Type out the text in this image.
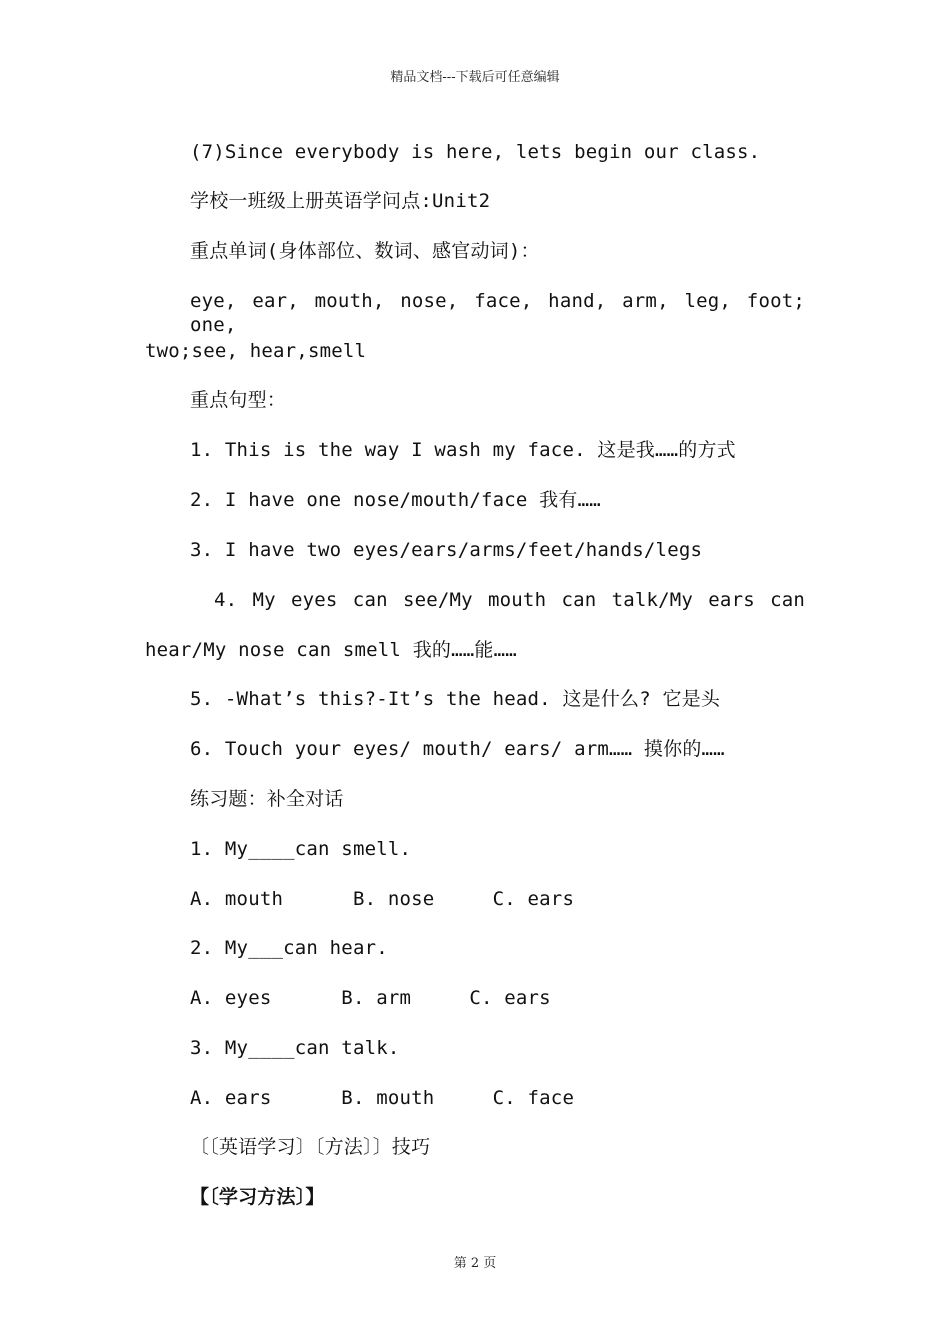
精品文档---下载后可任意编辑
(7)Since everybody is here, lets begin our class.
学校一班级上册英语学问点:Unit2
重点单词(身体部位、数词、感官动词)：
eye, ear, mouth, nose, face, hand, arm, leg, foot; one,
two;see, hear,smell
重点句型：
1. This is the way I wash my face. 这是我……的方式
2. I have one nose/mouth/face 我有……
3. I have two eyes/ears/arms/feet/hands/legs
4. My eyes can see/My mouth can talk/My ears can
hear/My nose can smell 我的……能……
5. -What’s this?-It’s the head. 这是什么? 它是头
6. Touch your eyes/ mouth/ ears/ arm…… 摸你的……
练习题：补全对话
1. My____can smell.
A. mouth      B. nose     C. ears
2. My___can hear.
A. eyes      B. arm     C. ears
3. My____can talk.
A. ears      B. mouth     C. face
〔〔英语学习〕〔方法〕〕技巧
【〔学习方法〕】
第 2 页
